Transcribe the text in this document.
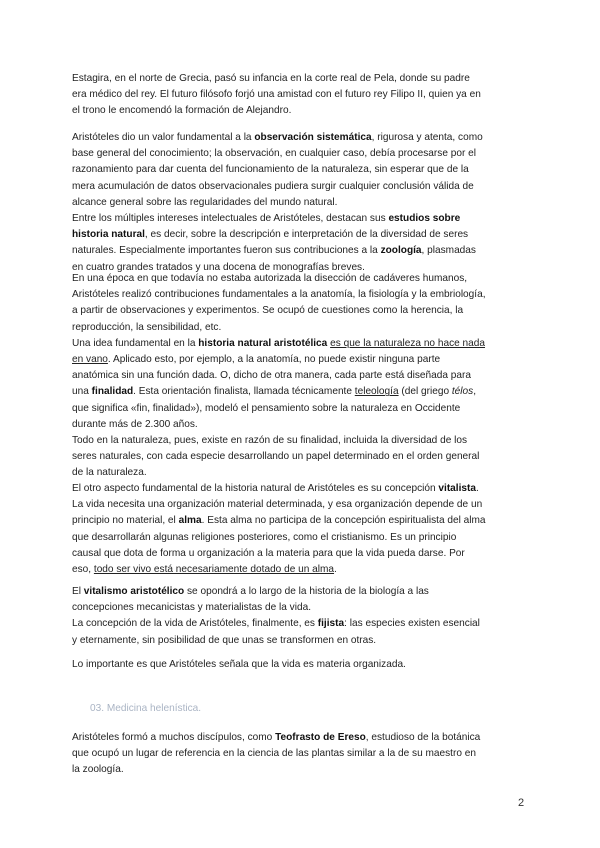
Estagira, en el norte de Grecia, pasó su infancia en la corte real de Pela, donde su padre
era médico del rey. El futuro filósofo forjó una amistad con el futuro rey Filipo II, quien ya en
el trono le encomendó la formación de Alejandro.

Aristóteles dio un valor fundamental a la observación sistemática, rigurosa y atenta, como
base general del conocimiento; la observación, en cualquier caso, debía procesarse por el
razonamiento para dar cuenta del funcionamiento de la naturaleza, sin esperar que de la
mera acumulación de datos observacionales pudiera surgir cualquier conclusión válida de
alcance general sobre las regularidades del mundo natural.
Entre los múltiples intereses intelectuales de Aristóteles, destacan sus estudios sobre
historia natural, es decir, sobre la descripción e interpretación de la diversidad de seres
naturales. Especialmente importantes fueron sus contribuciones a la zoología, plasmadas
en cuatro grandes tratados y una docena de monografías breves.

En una época en que todavía no estaba autorizada la disección de cadáveres humanos,
Aristóteles realizó contribuciones fundamentales a la anatomía, la fisiología y la embriología,
a partir de observaciones y experimentos. Se ocupó de cuestiones como la herencia, la
reproducción, la sensibilidad, etc.
Una idea fundamental en la historia natural aristotélica es que la naturaleza no hace nada
en vano. Aplicado esto, por ejemplo, a la anatomía, no puede existir ninguna parte
anatómica sin una función dada. O, dicho de otra manera, cada parte está diseñada para
una finalidad. Esta orientación finalista, llamada técnicamente teleología (del griego télos,
que significa «fin, finalidad»), modeló el pensamiento sobre la naturaleza en Occidente
durante más de 2.300 años.
Todo en la naturaleza, pues, existe en razón de su finalidad, incluida la diversidad de los
seres naturales, con cada especie desarrollando un papel determinado en el orden general
de la naturaleza.

El otro aspecto fundamental de la historia natural de Aristóteles es su concepción vitalista.
La vida necesita una organización material determinada, y esa organización depende de un
principio no material, el alma. Esta alma no participa de la concepción espiritualista del alma
que desarrollarán algunas religiones posteriores, como el cristianismo. Es un principio
causal que dota de forma u organización a la materia para que la vida pueda darse. Por
eso, todo ser vivo está necesariamente dotado de un alma.

El vitalismo aristotélico se opondrá a lo largo de la historia de la biología a las
concepciones mecanicistas y materialistas de la vida.
La concepción de la vida de Aristóteles, finalmente, es fijista: las especies existen esencial
y eternamente, sin posibilidad de que unas se transformen en otras.

Lo importante es que Aristóteles señala que la vida es materia organizada.

03. Medicina helenística.

Aristóteles formó a muchos discípulos, como Teofrasto de Ereso, estudioso de la botánica
que ocupó un lugar de referencia en la ciencia de las plantas similar a la de su maestro en
la zoología.

2
